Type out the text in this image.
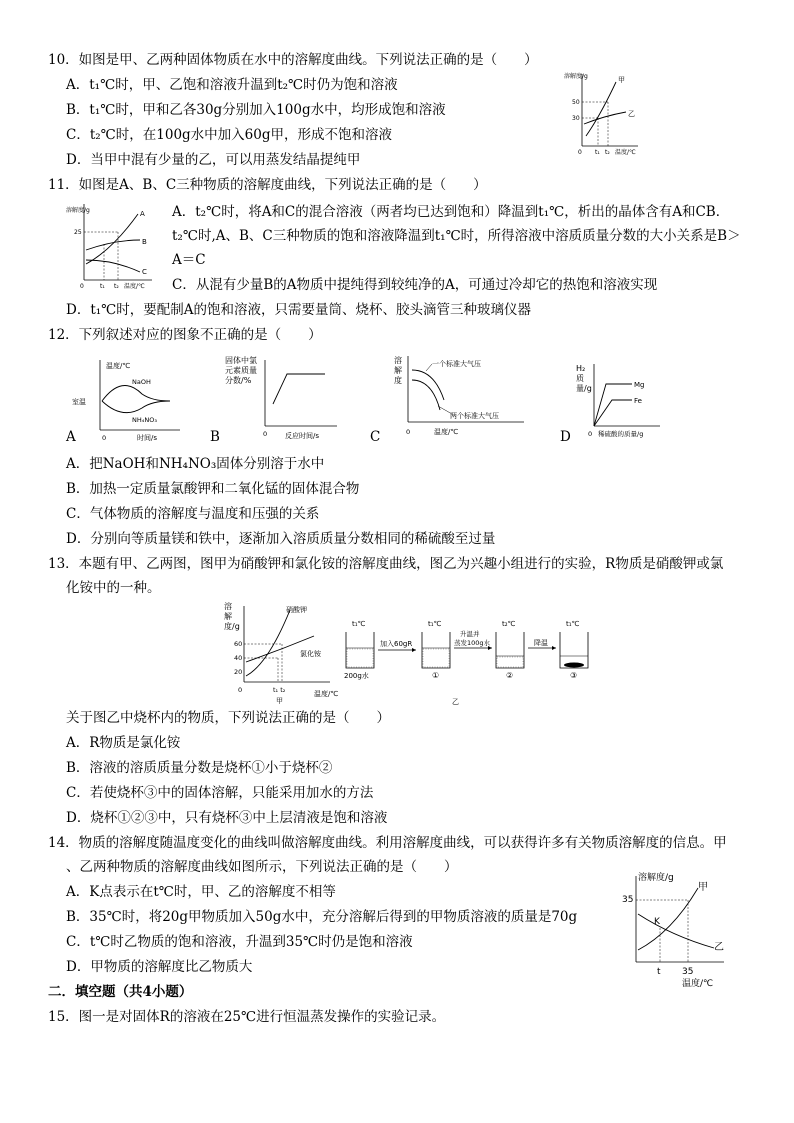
10．如图是甲、乙两种固体物质在水中的溶解度曲线。下列说法正确的是（　　）
A．t₁℃时，甲、乙饱和溶液升温到t₂℃时仍为饱和溶液
B．t₁℃时，甲和乙各30g分别加入100g水中，均形成饱和溶液
C．t₂℃时，在100g水中加入60g甲，形成不饱和溶液
D．当甲中混有少量的乙，可以用蒸发结晶提纯甲
溶解度/g
50
30
甲
乙
0 t₁ t₂ 温度/℃
11．如图是A、B、C三种物质的溶解度曲线，下列说法正确的是（　　）
溶解度/g
25
A
B
C
0	t₁ t₂ 温度/℃
A．t₂℃时，将A和C的混合溶液（两者均已达到饱和）降温到t₁℃，析出的晶体含有A和CB．
t₂℃时,A、B、C三种物质的饱和溶液降温到t₁℃时，所得溶液中溶质质量分数的大小关系是B＞
A＝C
C．从混有少量B的A物质中提纯得到较纯净的A，可通过冷却它的热饱和溶液实现
D．t₁℃时，要配制A的饱和溶液，只需要量筒、烧杯、胶头滴管三种玻璃仪器
12．下列叙述对应的图象不正确的是（　　）
温度/℃
室温
NaOH
NH₄NO₃
0	时间/s
A
固体中氯元素质量分数/%
0	反应时间/s
B
溶解度
一个标准大气压
两个标准大气压
0	温度/℃
C
H₂质量/g	Mg
Fe
0 稀硫酸的质量/g
D
A．把NaOH和NH₄NO₃固体分别溶于水中
B．加热一定质量氯酸钾和二氧化锰的固体混合物
C．气体物质的溶解度与温度和压强的关系
D．分别向等质量镁和铁中，逐渐加入溶质质量分数相同的稀硫酸至过量
13．本题有甲、乙两图，图甲为硝酸钾和氯化铵的溶解度曲线，图乙为兴趣小组进行的实验，R物质是硝酸钾或氯
化铵中的一种。
溶解度/g
60
40
20
硝酸钾
氯化铵
0	t₁ t₂	温度/℃
甲
t₁℃
200g水
加入60gR
t₁℃
①
升温并
蒸发100g水
t₂℃
②
降温
t₁℃
③
乙
关于图乙中烧杯内的物质，下列说法正确的是（　　）
A．R物质是氯化铵
B．溶液的溶质质量分数是烧杯①小于烧杯②
C．若使烧杯③中的固体溶解，只能采用加水的方法
D．烧杯①②③中，只有烧杯③中上层清液是饱和溶液
14．物质的溶解度随温度变化的曲线叫做溶解度曲线。利用溶解度曲线，可以获得许多有关物质溶解度的信息。甲
、乙两种物质的溶解度曲线如图所示，下列说法正确的是（　　）
A．K点表示在t℃时，甲、乙的溶解度不相等
B．35℃时，将20g甲物质加入50g水中，充分溶解后得到的甲物质溶液的质量是70g
C．t℃时乙物质的饱和溶液，升温到35℃时仍是饱和溶液
D．甲物质的溶解度比乙物质大
溶解度/g
35
甲
乙
K
t 35
温度/℃
二．填空题（共4小题）
15．图一是对固体R的溶液在25℃进行恒温蒸发操作的实验记录。
